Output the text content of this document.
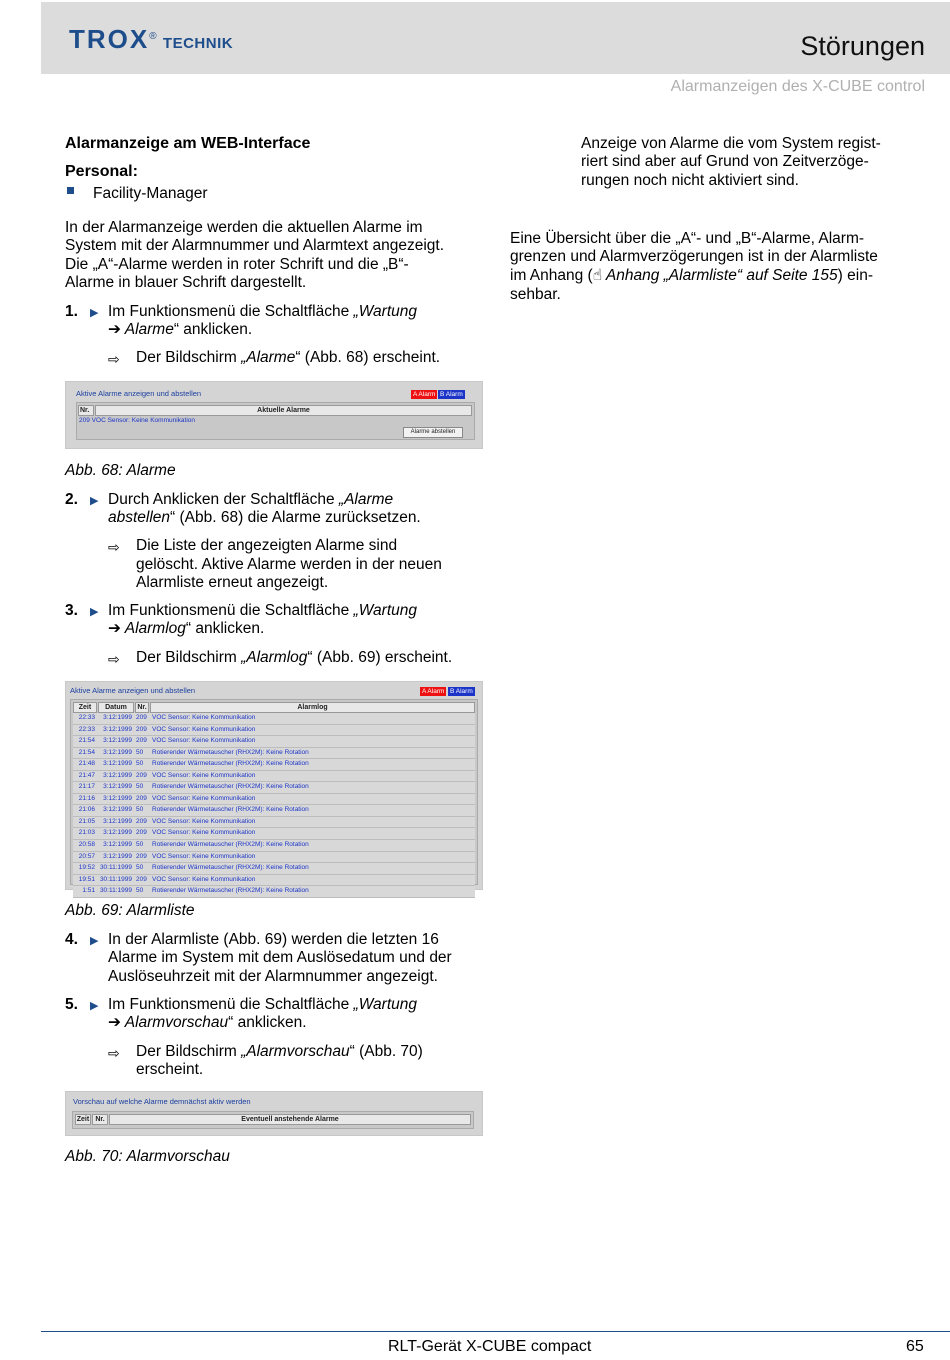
TROX® TECHNIK	Störungen
Alarmanzeigen des X-CUBE control
Alarmanzeige am WEB-Interface
Personal:
Facility-Manager
In der Alarmanzeige werden die aktuellen Alarme im
System mit der Alarmnummer und Alarmtext angezeigt.
Die „A“-Alarme werden in roter Schrift und die „B“-
Alarme in blauer Schrift dargestellt.
1. ▶ Im Funktionsmenü die Schaltfläche „Wartung
➔ Alarme“ anklicken.
⇨ Der Bildschirm „Alarme“ (Abb. 68) erscheint.
Aktive Alarme anzeigen und abstellen	A Alarm B Alarm
Nr.	Aktuelle Alarme
209 VOC Sensor: Keine Kommunikation
Alarme abstellen
Abb. 68: Alarme
2. ▶ Durch Anklicken der Schaltfläche „Alarme
abstellen“ (Abb. 68) die Alarme zurücksetzen.
⇨ Die Liste der angezeigten Alarme sind
gelöscht. Aktive Alarme werden in der neuen
Alarmliste erneut angezeigt.
3. ▶ Im Funktionsmenü die Schaltfläche „Wartung
➔ Alarmlog“ anklicken.
⇨ Der Bildschirm „Alarmlog“ (Abb. 69) erscheint.
Aktive Alarme anzeigen und abstellen	A Alarm B Alarm
Zeit	Datum	Nr.	Alarmlog
22:33 3:12:1999 209 VOC Sensor: Keine Kommunikation
22:33 3:12:1999 209 VOC Sensor: Keine Kommunikation
21:54 3:12:1999 209 VOC Sensor: Keine Kommunikation
21:54 3:12:1999 50 Rotierender Wärmetauscher (RHX2M): Keine Rotation
21:48 3:12:1999 50 Rotierender Wärmetauscher (RHX2M): Keine Rotation
21:47 3:12:1999 209 VOC Sensor: Keine Kommunikation
21:17 3:12:1999 50 Rotierender Wärmetauscher (RHX2M): Keine Rotation
21:16 3:12:1999 209 VOC Sensor: Keine Kommunikation
21:06 3:12:1999 50 Rotierender Wärmetauscher (RHX2M): Keine Rotation
21:05 3:12:1999 209 VOC Sensor: Keine Kommunikation
21:03 3:12:1999 209 VOC Sensor: Keine Kommunikation
20:58 3:12:1999 50 Rotierender Wärmetauscher (RHX2M): Keine Rotation
20:57 3:12:1999 209 VOC Sensor: Keine Kommunikation
19:52 30:11:1999 50 Rotierender Wärmetauscher (RHX2M): Keine Rotation
19:51 30:11:1999 209 VOC Sensor: Keine Kommunikation
1:51 30:11:1999 50 Rotierender Wärmetauscher (RHX2M): Keine Rotation
Abb. 69: Alarmliste
4. ▶ In der Alarmliste (Abb. 69) werden die letzten 16
Alarme im System mit dem Auslösedatum und der
Auslöseuhrzeit mit der Alarmnummer angezeigt.
5. ▶ Im Funktionsmenü die Schaltfläche „Wartung
➔ Alarmvorschau“ anklicken.
⇨ Der Bildschirm „Alarmvorschau“ (Abb. 70)
erscheint.
Vorschau auf welche Alarme demnächst aktiv werden
Zeit Nr.	Eventuell anstehende Alarme
Abb. 70: Alarmvorschau
Anzeige von Alarme die vom System regist-
riert sind aber auf Grund von Zeitverzöge-
rungen noch nicht aktiviert sind.
Eine Übersicht über die „A“- und „B“-Alarme, Alarm-
grenzen und Alarmverzögerungen ist in der Alarmliste
im Anhang (☝ Anhang „Alarmliste“ auf Seite 155) ein-
sehbar.
RLT-Gerät X-CUBE compact	65
